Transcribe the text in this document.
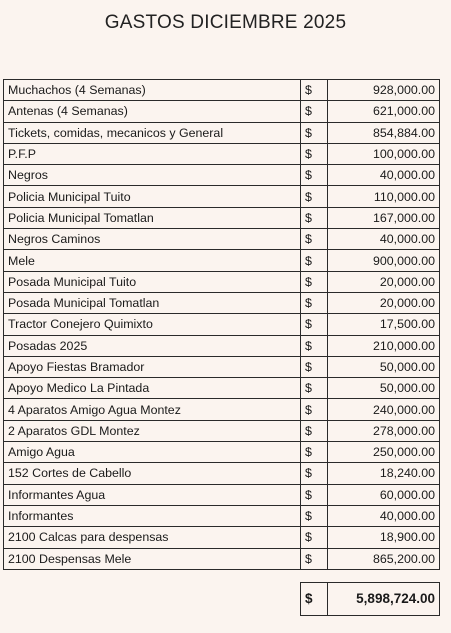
GASTOS DICIEMBRE 2025
Muchachos (4 Semanas)	$	928,000.00
Antenas (4 Semanas)	$	621,000.00
Tickets, comidas, mecanicos y General	$	854,884.00
P.F.P	$	100,000.00
Negros	$	40,000.00
Policia Municipal Tuito	$	110,000.00
Policia Municipal Tomatlan	$	167,000.00
Negros Caminos	$	40,000.00
Mele	$	900,000.00
Posada Municipal Tuito	$	20,000.00
Posada Municipal Tomatlan	$	20,000.00
Tractor Conejero Quimixto	$	17,500.00
Posadas 2025	$	210,000.00
Apoyo Fiestas Bramador	$	50,000.00
Apoyo Medico La Pintada	$	50,000.00
4 Aparatos Amigo Agua Montez	$	240,000.00
2 Aparatos GDL Montez	$	278,000.00
Amigo Agua	$	250,000.00
152 Cortes de Cabello	$	18,240.00
Informantes Agua	$	60,000.00
Informantes	$	40,000.00
2100 Calcas para despensas	$	18,900.00
2100 Despensas Mele	$	865,200.00

	$	5,898,724.00
